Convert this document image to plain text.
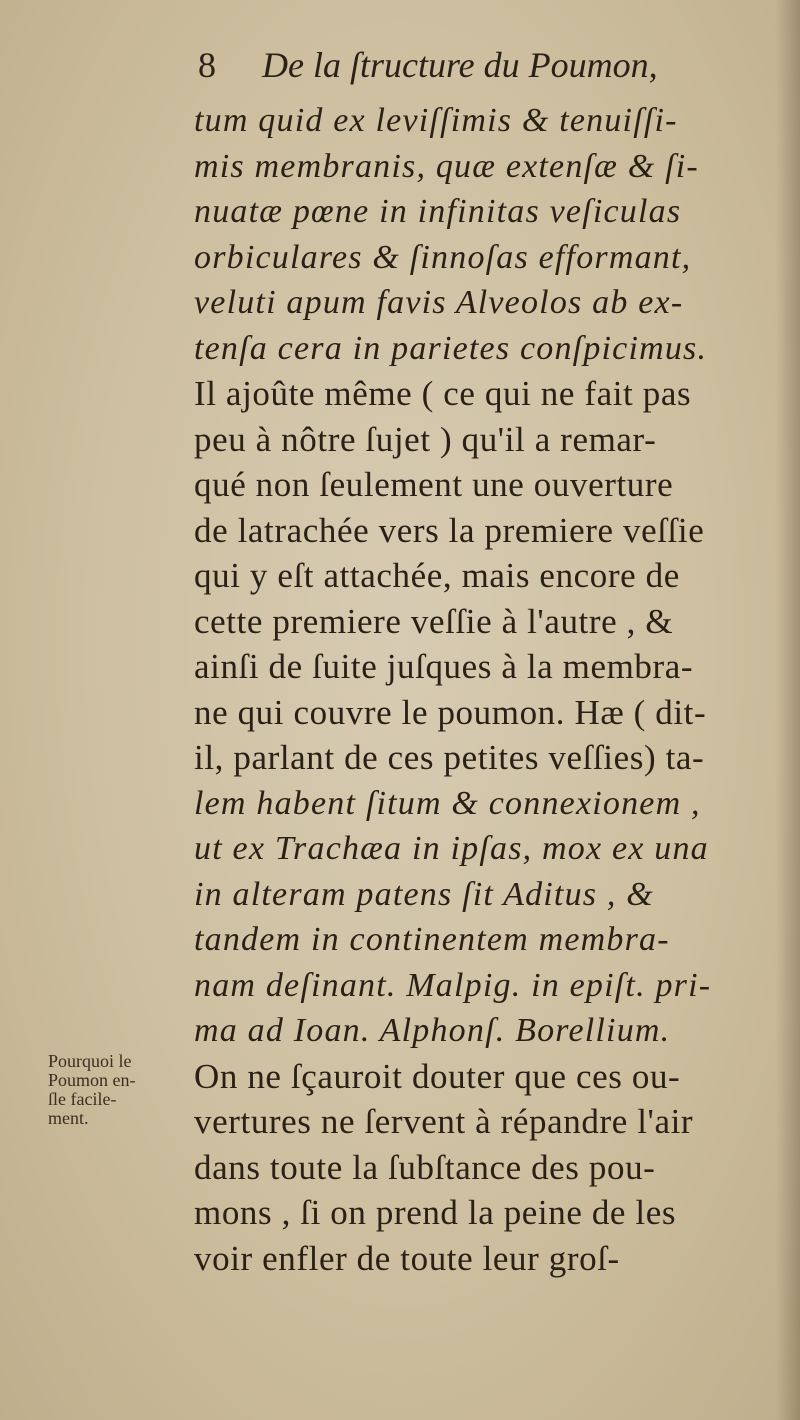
8 De la ſtructure du Poumon,
tum quid ex leviſſimis & tenuiſſi-
mis membranis, quæ extenſæ & ſi-
nuatæ pœne in infinitas veſiculas
orbiculares & ſinnoſas efformant,
veluti apum favis Alveolos ab ex-
tenſa cera in parietes conſpicimus.
Il ajoûte même ( ce qui ne fait pas
peu à nôtre ſujet ) qu'il a remar-
qué non ſeulement une ouverture
de latrachée vers la premiere veſſie
qui y eſt attachée, mais encore de
cette premiere veſſie à l'autre , &
ainſi de ſuite juſques à la membra-
ne qui couvre le poumon. Hæ ( dit-
il, parlant de ces petites veſſies) ta-
lem habent ſitum & connexionem ,
ut ex Trachæa in ipſas, mox ex una
in alteram patens ſit Aditus , &
tandem in continentem membra-
nam deſinant. Malpig. in epiſt. pri-
ma ad Ioan. Alphonſ. Borellium.
On ne ſçauroit douter que ces ou-
vertures ne ſervent à répandre l'air
dans toute la ſubſtance des pou-
mons , ſi on prend la peine de les
voir enfler de toute leur groſ-
Pourquoi le
Poumon en-
ſle facile-
ment.
